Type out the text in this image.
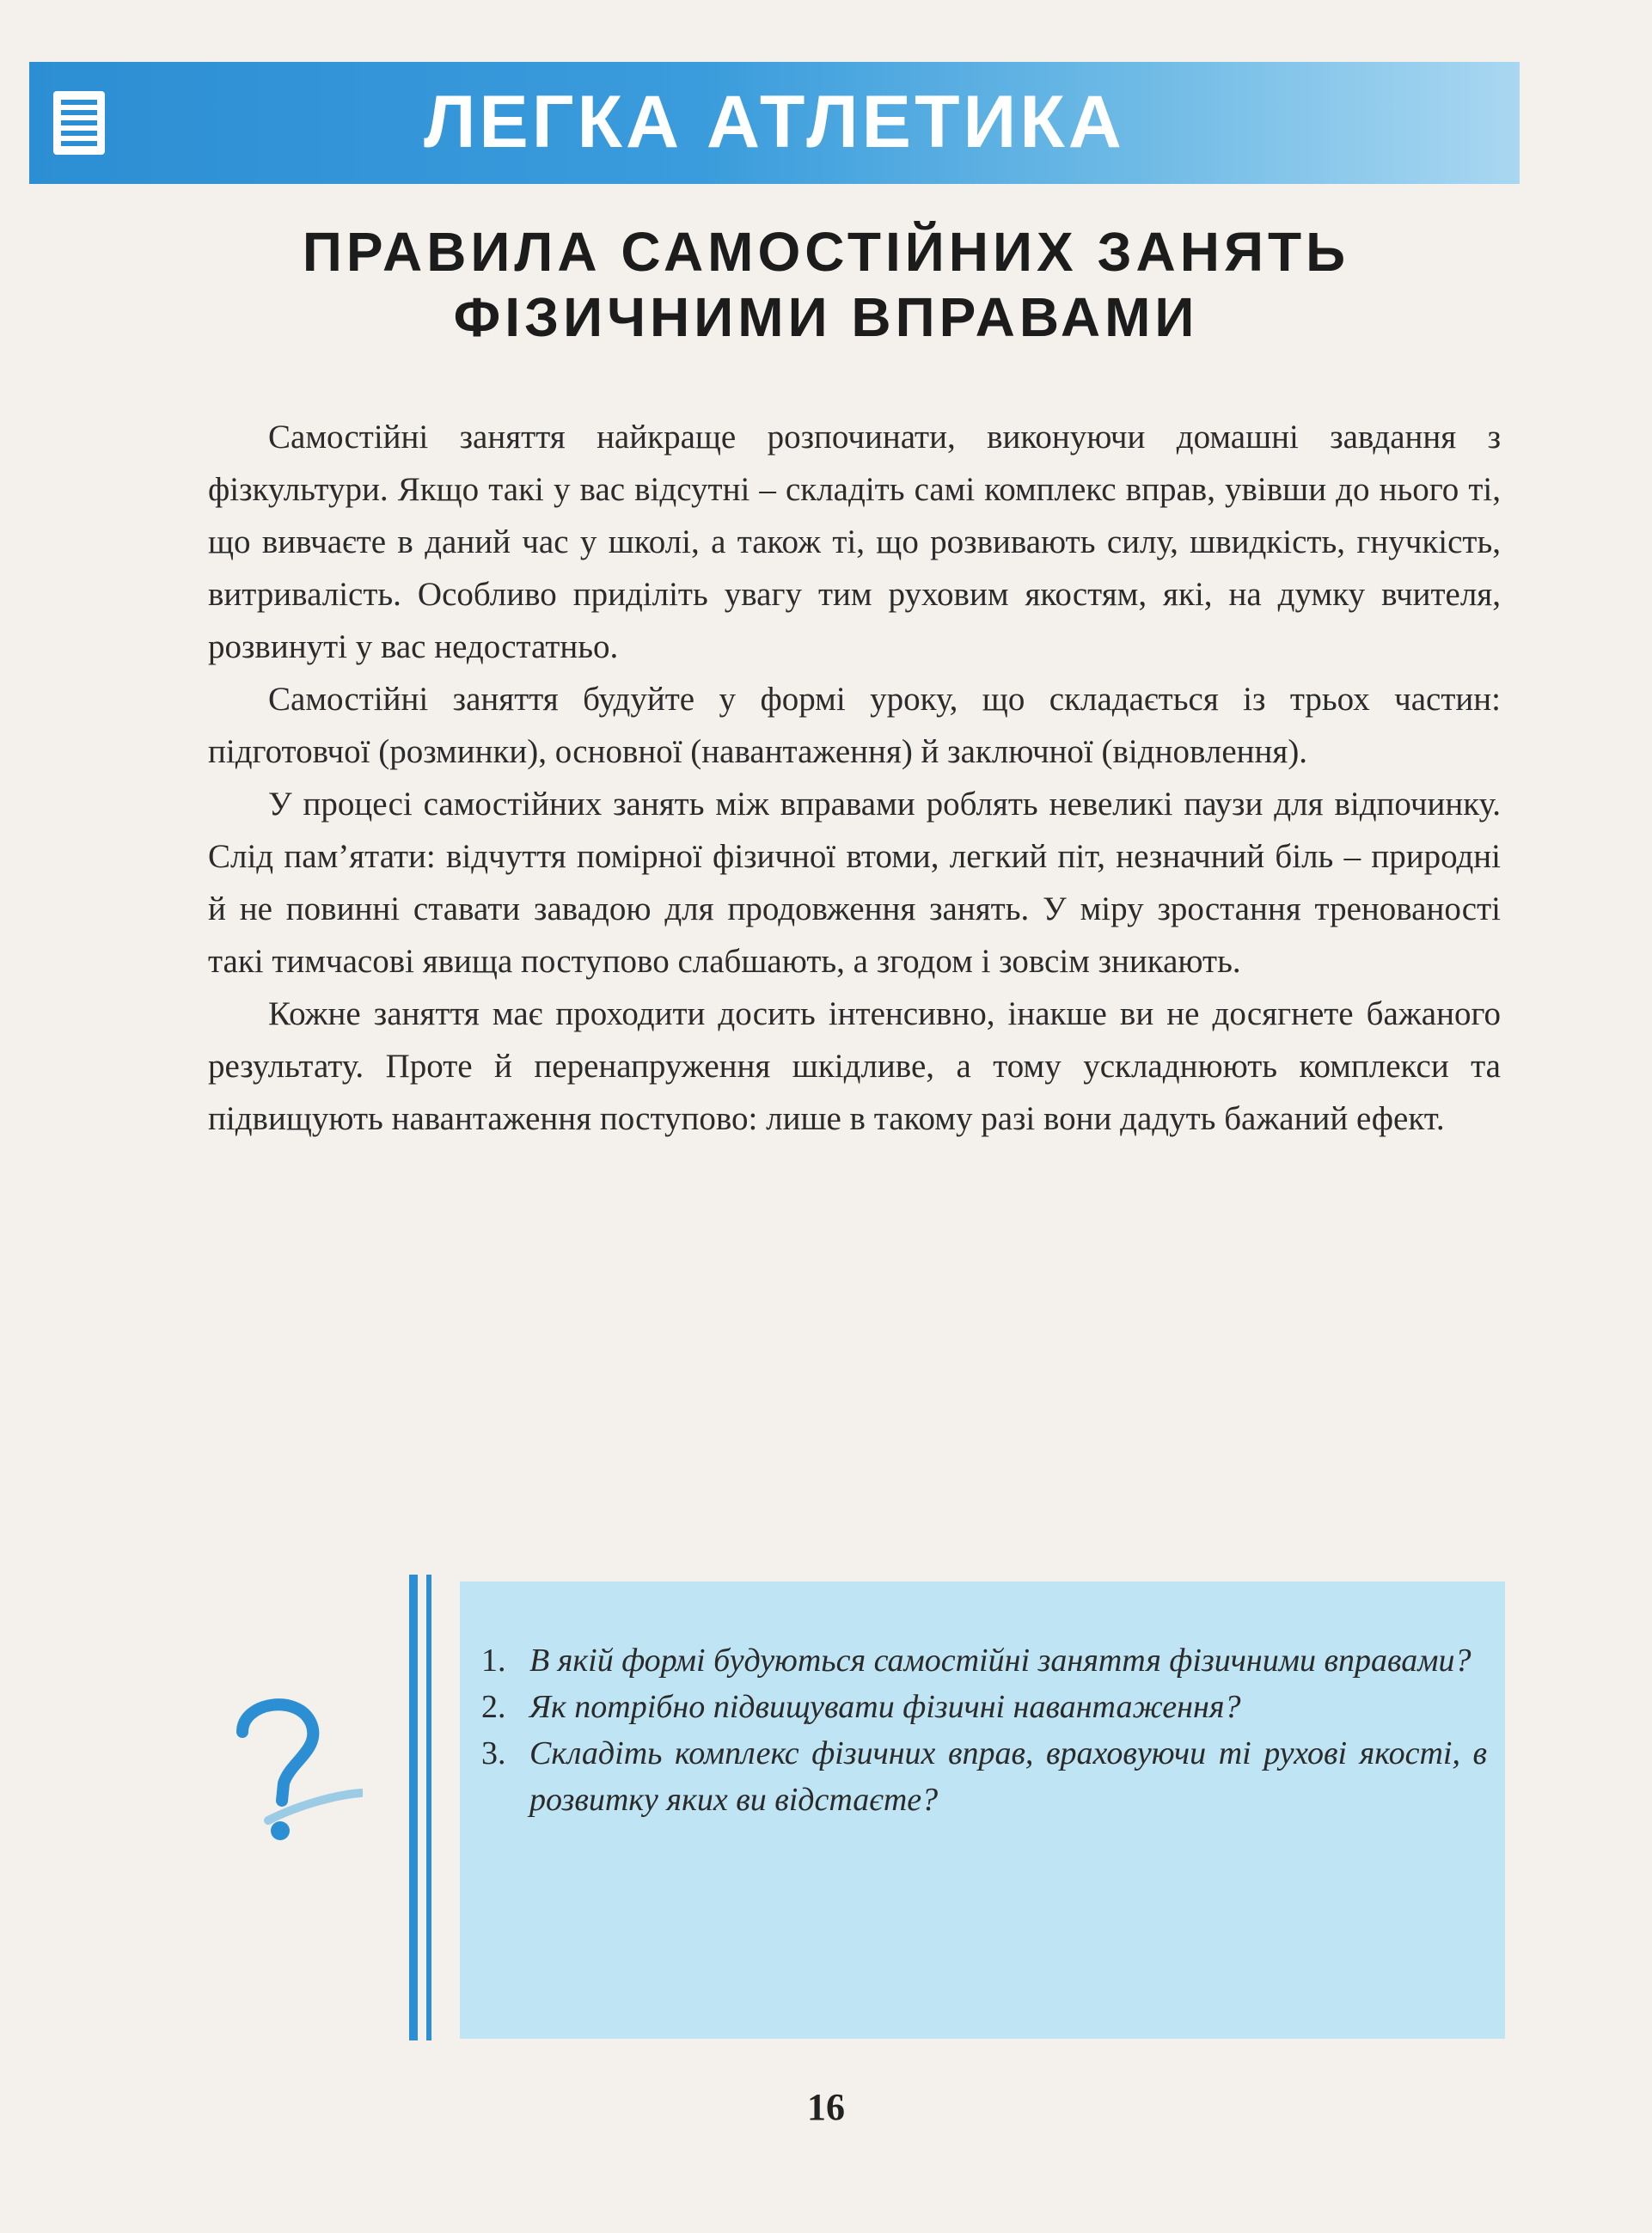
ЛЕГКА АТЛЕТИКА
ПРАВИЛА САМОСТІЙНИХ ЗАНЯТЬ
ФІЗИЧНИМИ ВПРАВАМИ

Самостійні заняття найкраще розпочинати, виконуючи домашні завдання з фізкультури. Якщо такі у вас відсутні – складіть самі комплекс вправ, увівши до нього ті, що вивчаєте в даний час у школі, а також ті, що розвивають силу, швидкість, гнучкість, витривалість. Особливо приділіть увагу тим руховим якостям, які, на думку вчителя, розвинуті у вас недостатньо.

Самостійні заняття будуйте у формі уроку, що складається із трьох частин: підготовчої (розминки), основної (навантаження) й заключної (відновлення).

У процесі самостійних занять між вправами роблять невеликі паузи для відпочинку. Слід пам’ятати: відчуття помірної фізичної втоми, легкий піт, незначний біль – природні й не повинні ставати завадою для продовження занять. У міру зростання тренованості такі тимчасові явища поступово слабшають, а згодом і зовсім зникають.

Кожне заняття має проходити досить інтенсивно, інакше ви не досягнете бажаного результату. Проте й перенапруження шкідливе, а тому ускладнюють комплекси та підвищують навантаження поступово: лише в такому разі вони дадуть бажаний ефект.

1. В якій формі будуються самостійні заняття фізичними вправами?
2. Як потрібно підвищувати фізичні навантаження?
3. Складіть комплекс фізичних вправ, враховуючи ті рухові якості, в розвитку яких ви відстаєте?
16
